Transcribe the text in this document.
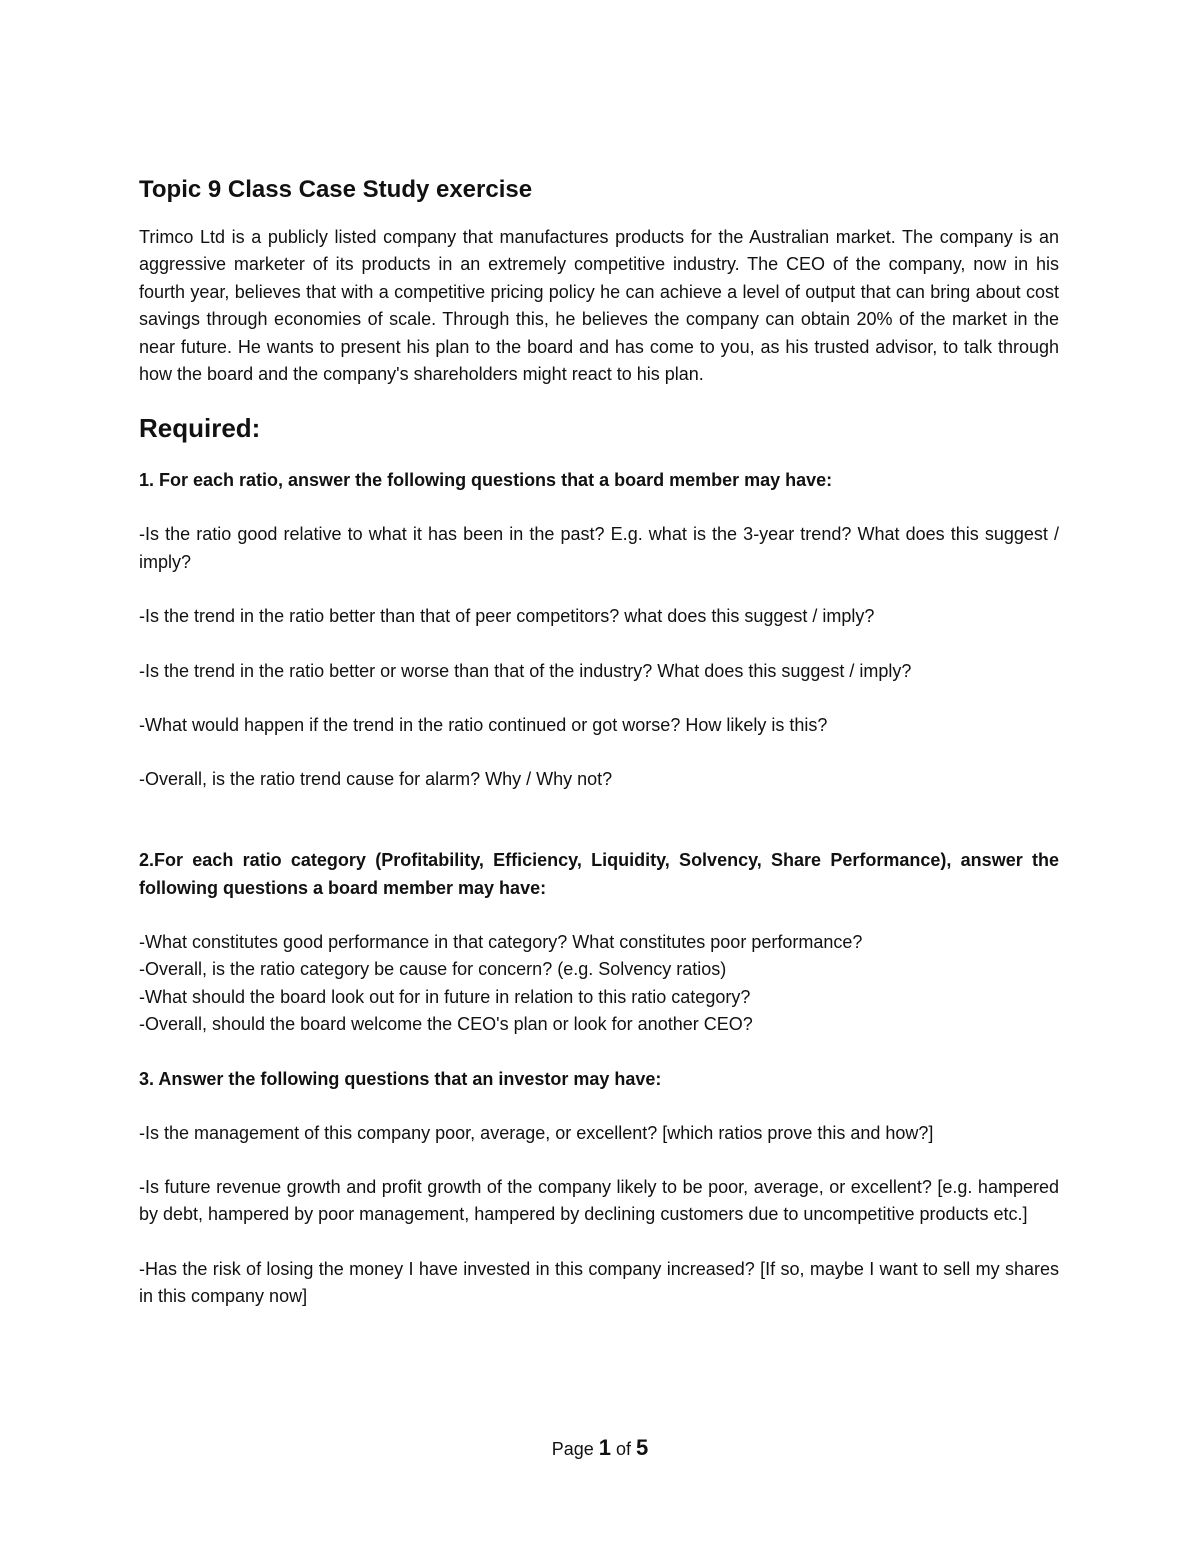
Topic 9 Class Case Study exercise

Trimco Ltd is a publicly listed company that manufactures products for the Australian market. The company is an aggressive marketer of its products in an extremely competitive industry. The CEO of the company, now in his fourth year, believes that with a competitive pricing policy he can achieve a level of output that can bring about cost savings through economies of scale. Through this, he believes the company can obtain 20% of the market in the near future. He wants to present his plan to the board and has come to you, as his trusted advisor, to talk through how the board and the company's shareholders might react to his plan.

Required:

1. For each ratio, answer the following questions that a board member may have:

-Is the ratio good relative to what it has been in the past? E.g. what is the 3-year trend? What does this suggest / imply?

-Is the trend in the ratio better than that of peer competitors? what does this suggest / imply?

-Is the trend in the ratio better or worse than that of the industry? What does this suggest / imply?

-What would happen if the trend in the ratio continued or got worse? How likely is this?

-Overall, is the ratio trend cause for alarm? Why / Why not?

2.For each ratio category (Profitability, Efficiency, Liquidity, Solvency, Share Performance), answer the following questions a board member may have:

-What constitutes good performance in that category? What constitutes poor performance?

-Overall, is the ratio category be cause for concern? (e.g. Solvency ratios)

-What should the board look out for in future in relation to this ratio category?

-Overall, should the board welcome the CEO's plan or look for another CEO?

3. Answer the following questions that an investor may have:

-Is the management of this company poor, average, or excellent? [which ratios prove this and how?]

-Is future revenue growth and profit growth of the company likely to be poor, average, or excellent? [e.g. hampered by debt, hampered by poor management, hampered by declining customers due to uncompetitive products etc.]

-Has the risk of losing the money I have invested in this company increased? [If so, maybe I want to sell my shares in this company now]

Page 1 of 5
